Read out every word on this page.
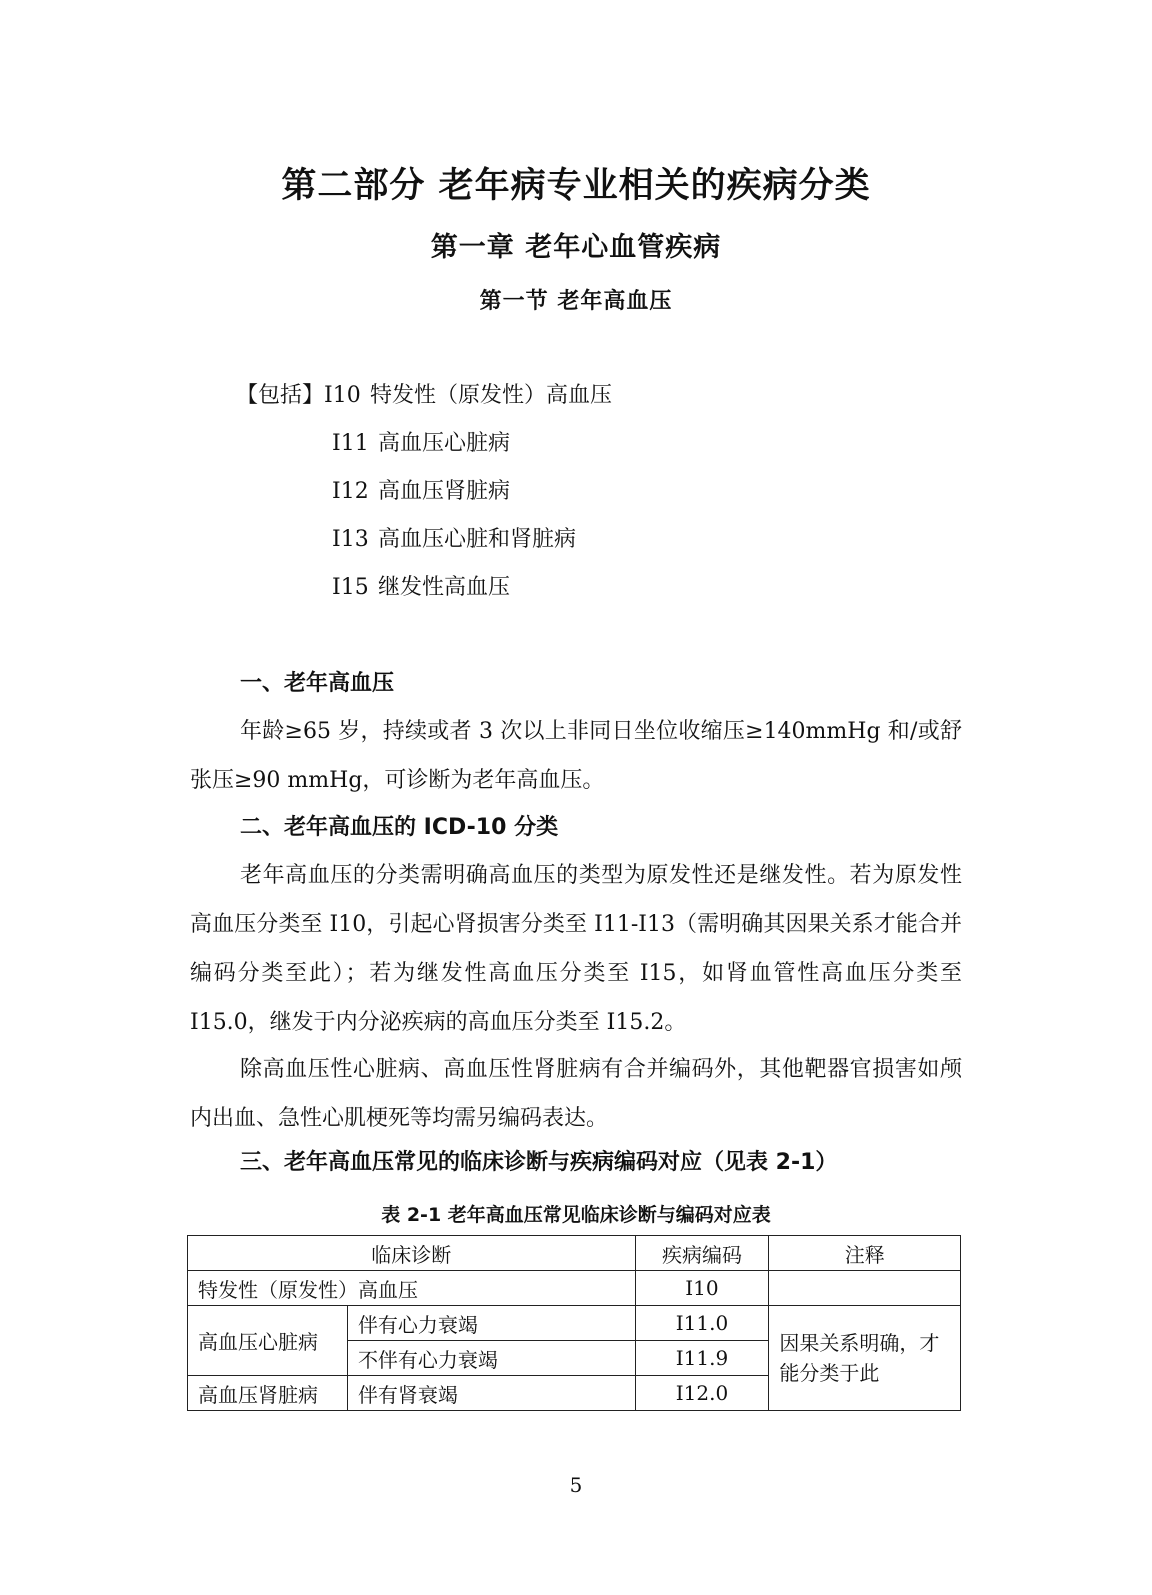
第二部分 老年病专业相关的疾病分类
第一章 老年心血管疾病
第一节 老年高血压
【包括】I10 特发性（原发性）高血压
I11 高血压心脏病
I12 高血压肾脏病
I13 高血压心脏和肾脏病
I15 继发性高血压
一、老年高血压
年龄≥65 岁，持续或者 3 次以上非同日坐位收缩压≥140mmHg 和/或舒张压≥90 mmHg，可诊断为老年高血压。
二、老年高血压的 ICD-10 分类
老年高血压的分类需明确高血压的类型为原发性还是继发性。若为原发性高血压分类至 I10，引起心肾损害分类至 I11-I13（需明确其因果关系才能合并编码分类至此）；若为继发性高血压分类至 I15，如肾血管性高血压分类至 I15.0，继发于内分泌疾病的高血压分类至 I15.2。
除高血压性心脏病、高血压性肾脏病有合并编码外，其他靶器官损害如颅内出血、急性心肌梗死等均需另编码表达。
三、老年高血压常见的临床诊断与疾病编码对应（见表 2-1）
表 2-1 老年高血压常见临床诊断与编码对应表
临床诊断		疾病编码	注释
特发性（原发性）高血压		I10	
高血压心脏病	伴有心力衰竭	I11.0	因果关系明确，才能分类于此
	不伴有心力衰竭	I11.9	
高血压肾脏病	伴有肾衰竭	I12.0	
5
